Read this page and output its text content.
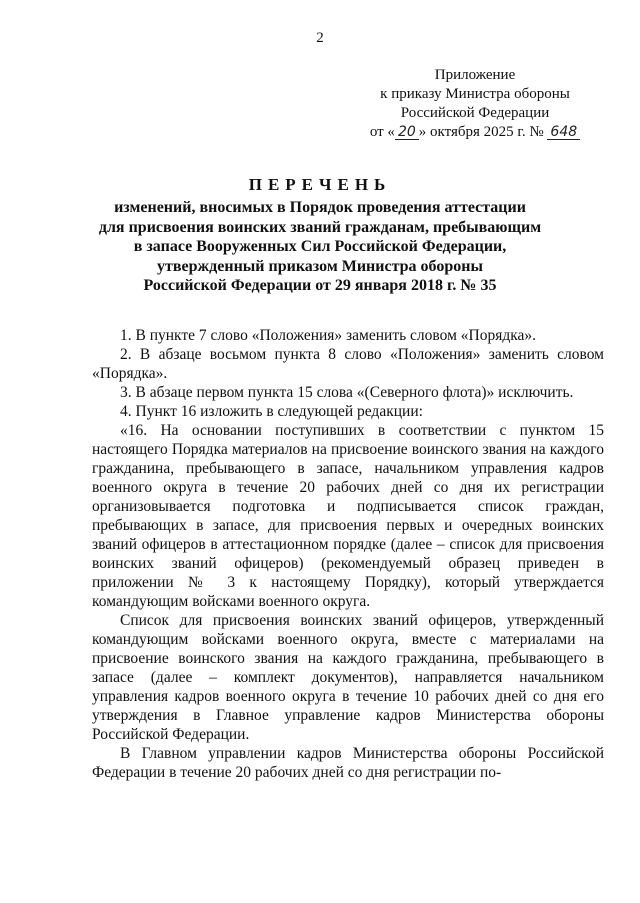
2
Приложение
к приказу Министра обороны
Российской Федерации
от « 20 » октября 2025 г. № 648
ПЕРЕЧЕНЬ
изменений, вносимых в Порядок проведения аттестации
для присвоения воинских званий гражданам, пребывающим
в запасе Вооруженных Сил Российской Федерации,
утвержденный приказом Министра обороны
Российской Федерации от 29 января 2018 г. № 35

1. В пункте 7 слово «Положения» заменить словом «Порядка».

2. В абзаце восьмом пункта 8 слово «Положения» заменить словом «Порядка».

3. В абзаце первом пункта 15 слова «(Северного флота)» исключить.

4. Пункт 16 изложить в следующей редакции:

«16. На основании поступивших в соответствии с пунктом 15 настоящего Порядка материалов на присвоение воинского звания на каждого гражданина, пребывающего в запасе, начальником управления кадров военного округа в течение 20 рабочих дней со дня их регистрации организовывается подготовка и подписывается список граждан, пребывающих в запасе, для присвоения первых и очередных воинских званий офицеров в аттестационном порядке (далее – список для присвоения воинских званий офицеров) (рекомендуемый образец приведен в приложении № 3 к настоящему Порядку), который утверждается командующим войсками военного округа.

Список для присвоения воинских званий офицеров, утвержденный командующим войсками военного округа, вместе с материалами на присвоение воинского звания на каждого гражданина, пребывающего в запасе (далее – комплект документов), направляется начальником управления кадров военного округа в течение 10 рабочих дней со дня его утверждения в Главное управление кадров Министерства обороны Российской Федерации.

В Главном управлении кадров Министерства обороны Российской Федерации в течение 20 рабочих дней со дня регистрации по-
